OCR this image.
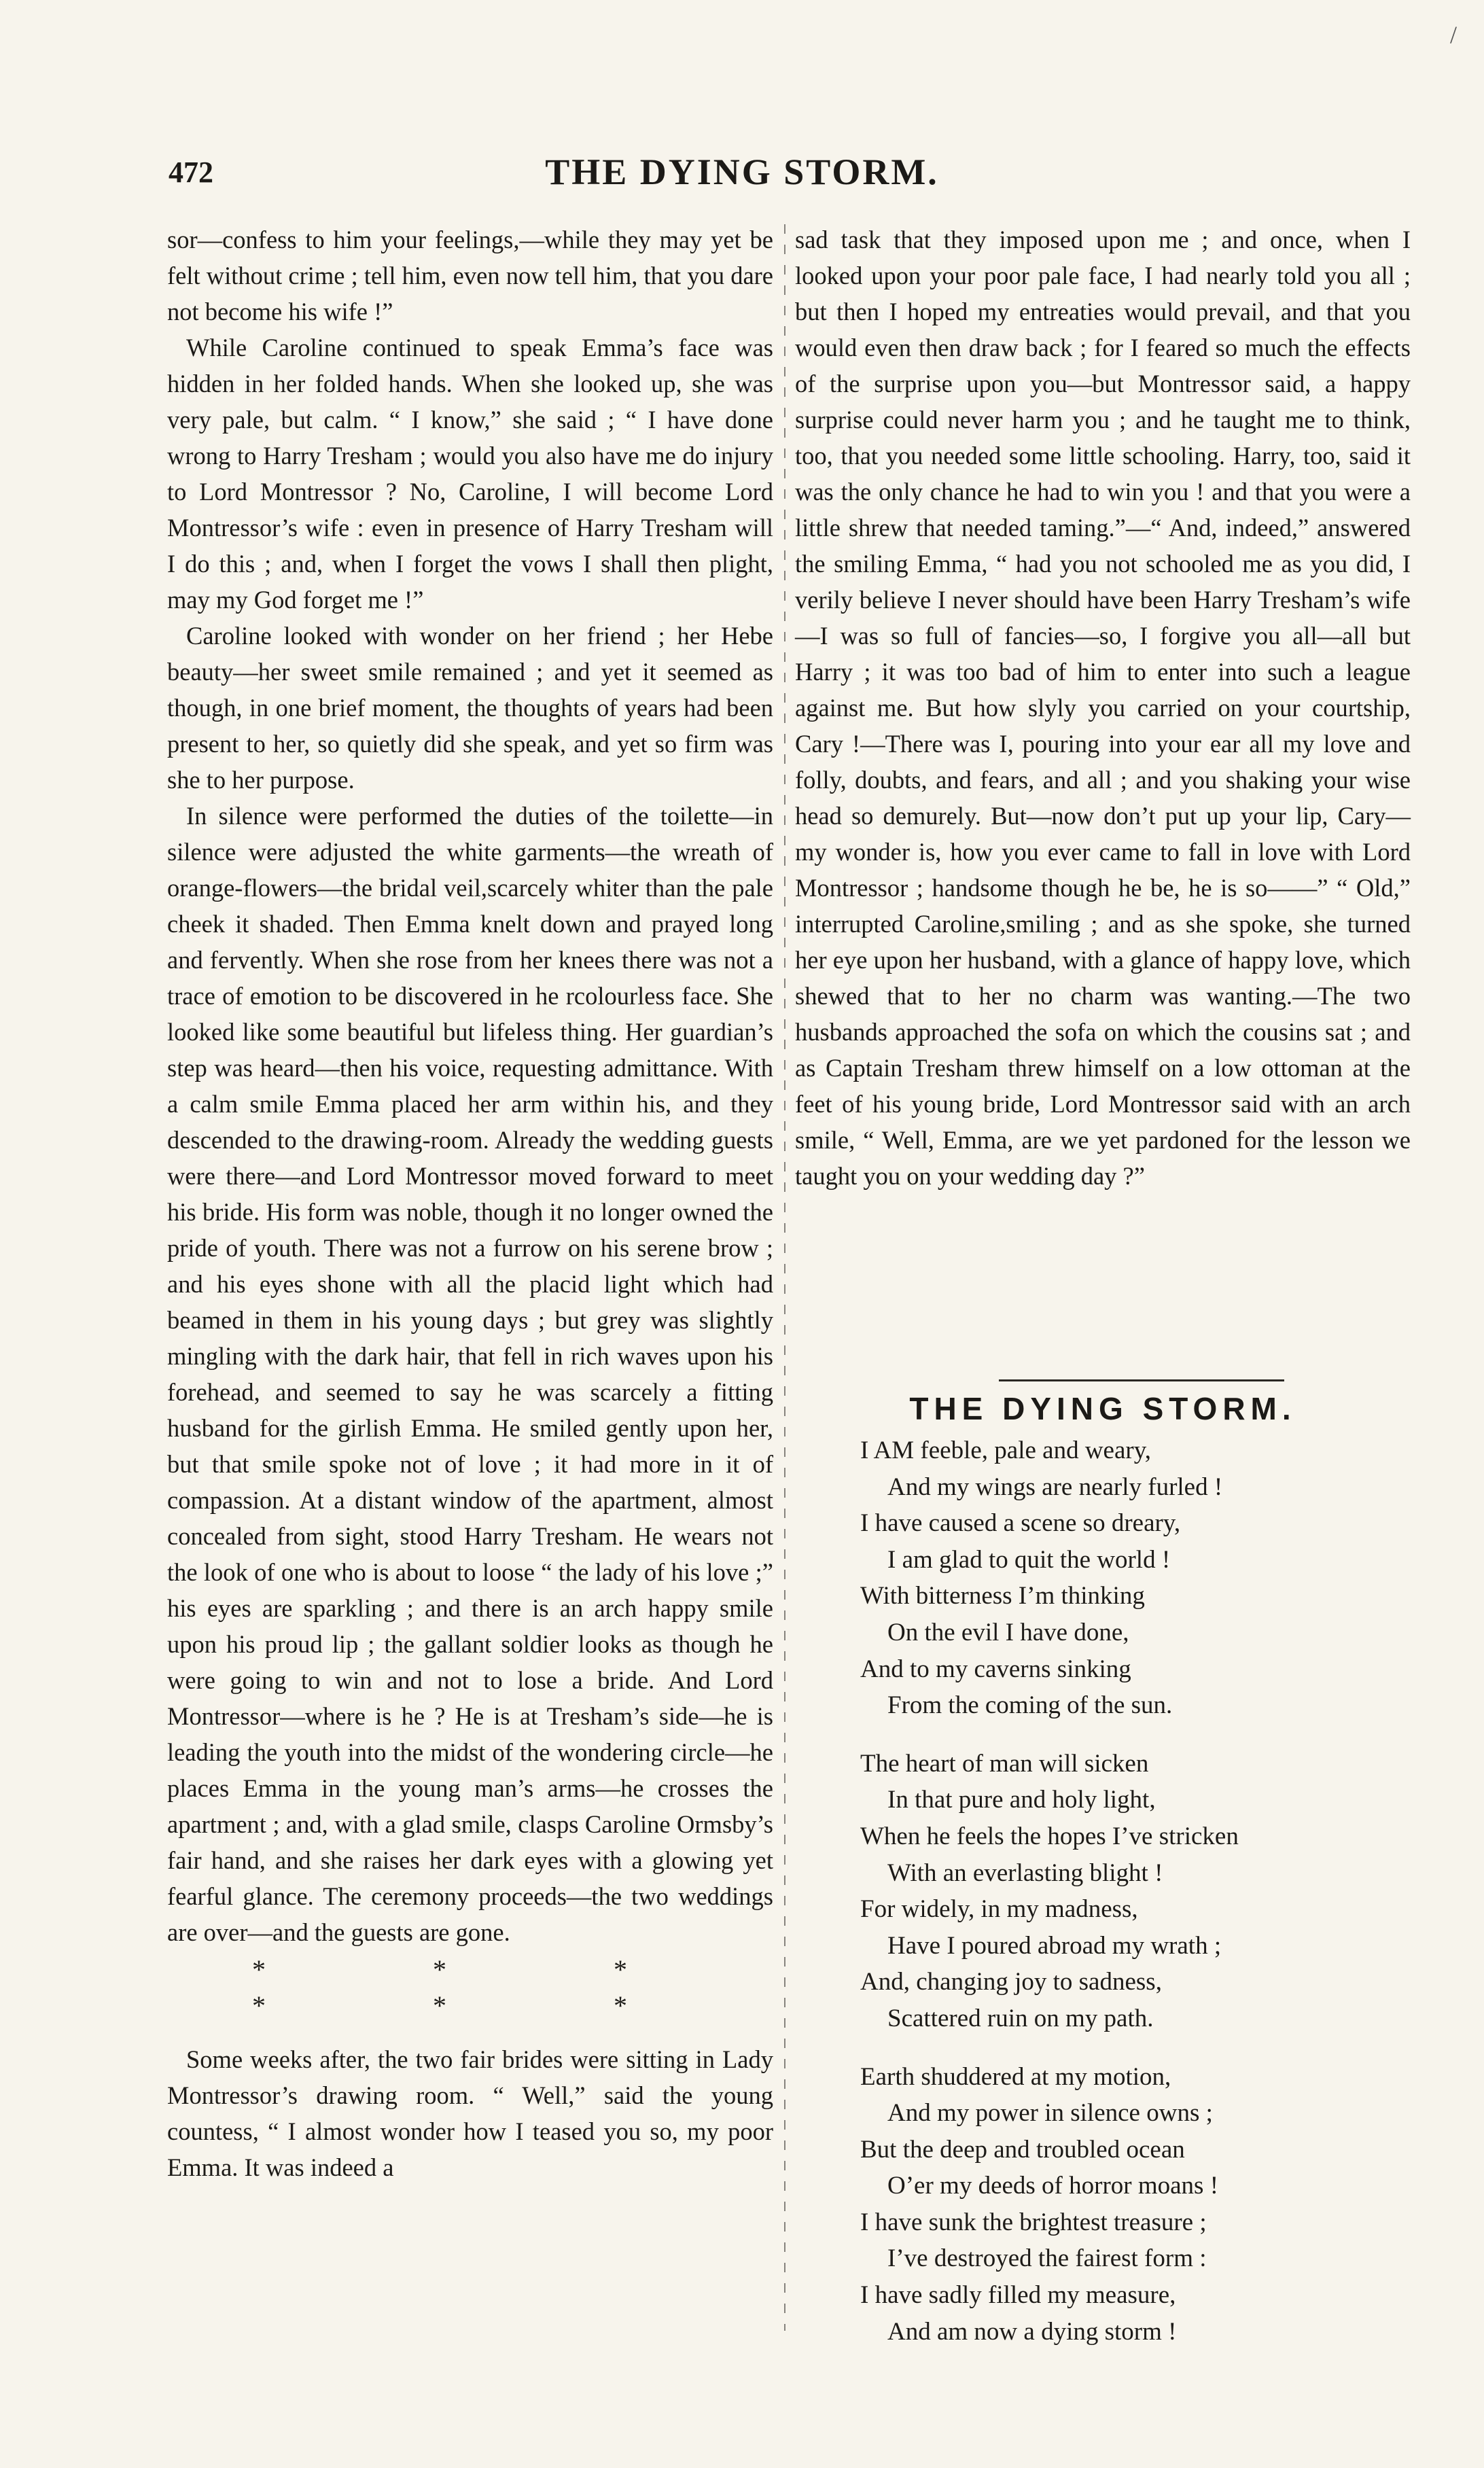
/
472	THE DYING STORM.

sor—confess to him your feelings,—while they may yet be felt without crime ; tell him, even now tell him, that you dare not become his wife !”

While Caroline continued to speak Emma’s face was hidden in her folded hands. When she looked up, she was very pale, but calm. “ I know,” she said ; “ I have done wrong to Harry Tresham ; would you also have me do injury to Lord Montressor ? No, Caroline, I will become Lord Montressor’s wife : even in presence of Harry Tresham will I do this ; and, when I forget the vows I shall then plight, may my God forget me !”

Caroline looked with wonder on her friend ; her Hebe beauty—her sweet smile remained ; and yet it seemed as though, in one brief moment, the thoughts of years had been present to her, so quietly did she speak, and yet so firm was she to her purpose.

In silence were performed the duties of the toilette—in silence were adjusted the white garments—the wreath of orange-flowers—the bridal veil,scarcely whiter than the pale cheek it shaded. Then Emma knelt down and prayed long and fervently. When she rose from her knees there was not a trace of emotion to be discovered in he rcolourless face. She looked like some beautiful but lifeless thing. Her guardian’s step was heard—then his voice, requesting admittance. With a calm smile Emma placed her arm within his, and they descended to the drawing-room. Already the wedding guests were there—and Lord Montressor moved forward to meet his bride. His form was noble, though it no longer owned the pride of youth. There was not a furrow on his serene brow ; and his eyes shone with all the placid light which had beamed in them in his young days ; but grey was slightly mingling with the dark hair, that fell in rich waves upon his forehead, and seemed to say he was scarcely a fitting husband for the girlish Emma. He smiled gently upon her, but that smile spoke not of love ; it had more in it of compassion. At a distant window of the apartment, almost concealed from sight, stood Harry Tresham. He wears not the look of one who is about to loose “ the lady of his love ;” his eyes are sparkling ; and there is an arch happy smile upon his proud lip ; the gallant soldier looks as though he were going to win and not to lose a bride. And Lord Montressor—where is he ? He is at Tresham’s side—he is leading the youth into the midst of the wondering circle—he places Emma in the young man’s arms—he crosses the apartment ; and, with a glad smile, clasps Caroline Ormsby’s fair hand, and she raises her dark eyes with a glowing yet fearful glance. The ceremony proceeds—the two weddings are over—and the guests are gone.

* * * * * *

Some weeks after, the two fair brides were sitting in Lady Montressor’s drawing room. “ Well,” said the young countess, “ I almost wonder how I teased you so, my poor Emma. It was indeed a

sad task that they imposed upon me ; and once, when I looked upon your poor pale face, I had nearly told you all ; but then I hoped my entreaties would prevail, and that you would even then draw back ; for I feared so much the effects of the surprise upon you—but Montressor said, a happy surprise could never harm you ; and he taught me to think, too, that you needed some little schooling. Harry, too, said it was the only chance he had to win you ! and that you were a little shrew that needed taming.”—“ And, indeed,” answered the smiling Emma, “ had you not schooled me as you did, I verily believe I never should have been Harry Tresham’s wife—I was so full of fancies—so, I forgive you all—all but Harry ; it was too bad of him to enter into such a league against me. But how slyly you carried on your courtship, Cary !—There was I, pouring into your ear all my love and folly, doubts, and fears, and all ; and you shaking your wise head so demurely. But—now don’t put up your lip, Cary—my wonder is, how you ever came to fall in love with Lord Montressor ; handsome though he be, he is so——” “ Old,” interrupted Caroline,smiling ; and as she spoke, she turned her eye upon her husband, with a glance of happy love, which shewed that to her no charm was wanting.—The two husbands approached the sofa on which the cousins sat ; and as Captain Tresham threw himself on a low ottoman at the feet of his young bride, Lord Montressor said with an arch smile, “ Well, Emma, are we yet pardoned for the lesson we taught you on your wedding day ?”

THE DYING STORM.
I AM feeble, pale and weary,
And my wings are nearly furled !
I have caused a scene so dreary,
I am glad to quit the world !
With bitterness I’m thinking
On the evil I have done,
And to my caverns sinking
From the coming of the sun.
The heart of man will sicken
In that pure and holy light,
When he feels the hopes I’ve stricken
With an everlasting blight !
For widely, in my madness,
Have I poured abroad my wrath ;
And, changing joy to sadness,
Scattered ruin on my path.
Earth shuddered at my motion,
And my power in silence owns ;
But the deep and troubled ocean
O’er my deeds of horror moans !
I have sunk the brightest treasure ;
I’ve destroyed the fairest form :
I have sadly filled my measure,
And am now a dying storm !
